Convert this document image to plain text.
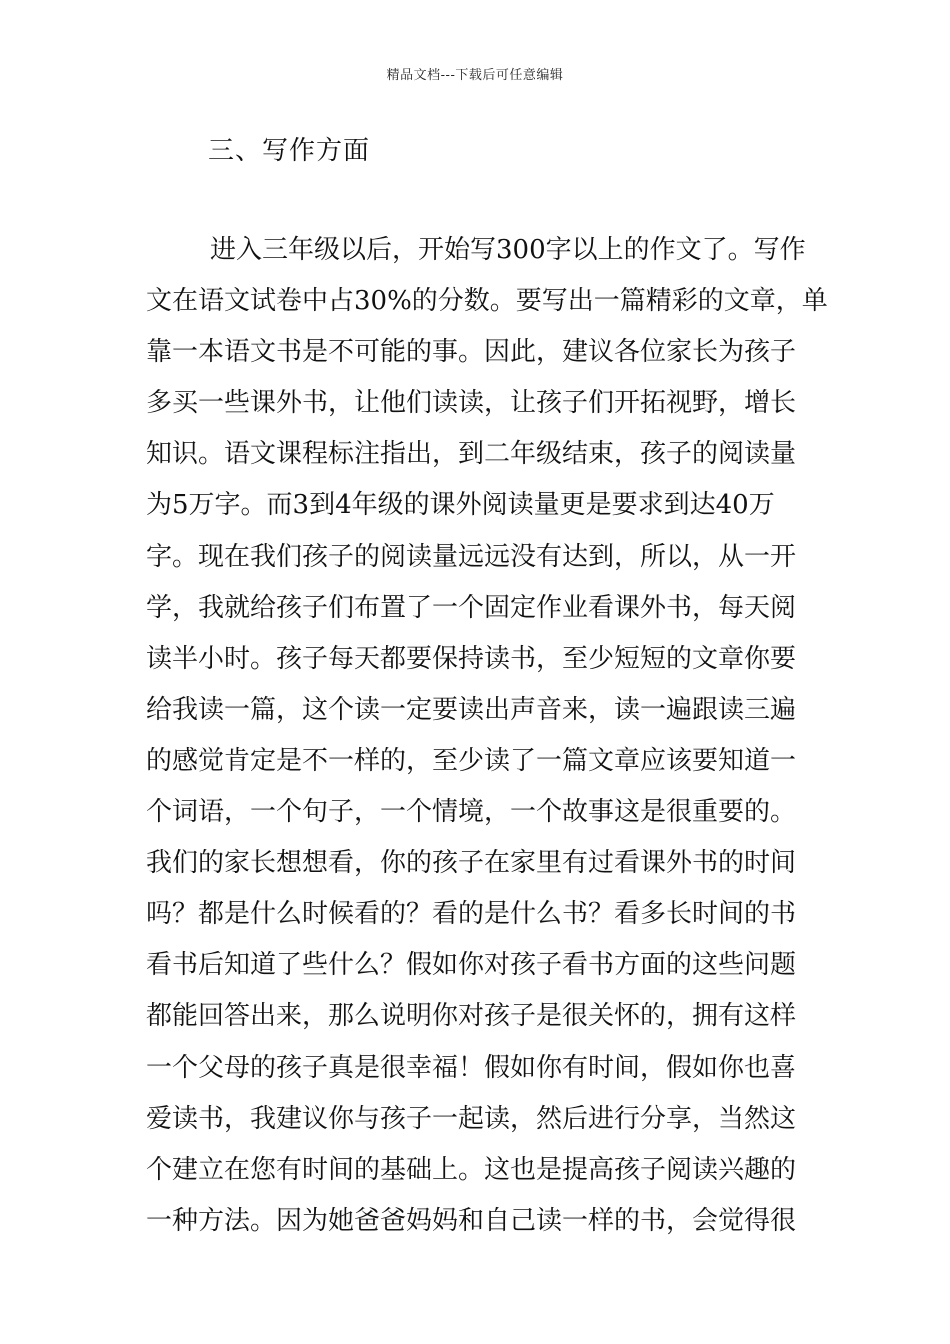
精品文档---下载后可任意编辑
三、写作方面
进入三年级以后，开始写300字以上的作文了。写作
文在语文试卷中占30%的分数。要写出一篇精彩的文章，单
靠一本语文书是不可能的事。因此，建议各位家长为孩子
多买一些课外书，让他们读读，让孩子们开拓视野，增长
知识。语文课程标注指出，到二年级结束，孩子的阅读量
为5万字。而3到4年级的课外阅读量更是要求到达40万
字。现在我们孩子的阅读量远远没有达到，所以，从一开
学，我就给孩子们布置了一个固定作业看课外书，每天阅
读半小时。孩子每天都要保持读书，至少短短的文章你要
给我读一篇，这个读一定要读出声音来，读一遍跟读三遍
的感觉肯定是不一样的，至少读了一篇文章应该要知道一
个词语，一个句子，一个情境，一个故事这是很重要的。
我们的家长想想看，你的孩子在家里有过看课外书的时间
吗？都是什么时候看的？看的是什么书？看多长时间的书
看书后知道了些什么？假如你对孩子看书方面的这些问题
都能回答出来，那么说明你对孩子是很关怀的，拥有这样
一个父母的孩子真是很幸福！假如你有时间，假如你也喜
爱读书，我建议你与孩子一起读，然后进行分享，当然这
个建立在您有时间的基础上。这也是提高孩子阅读兴趣的
一种方法。因为她爸爸妈妈和自己读一样的书，会觉得很
